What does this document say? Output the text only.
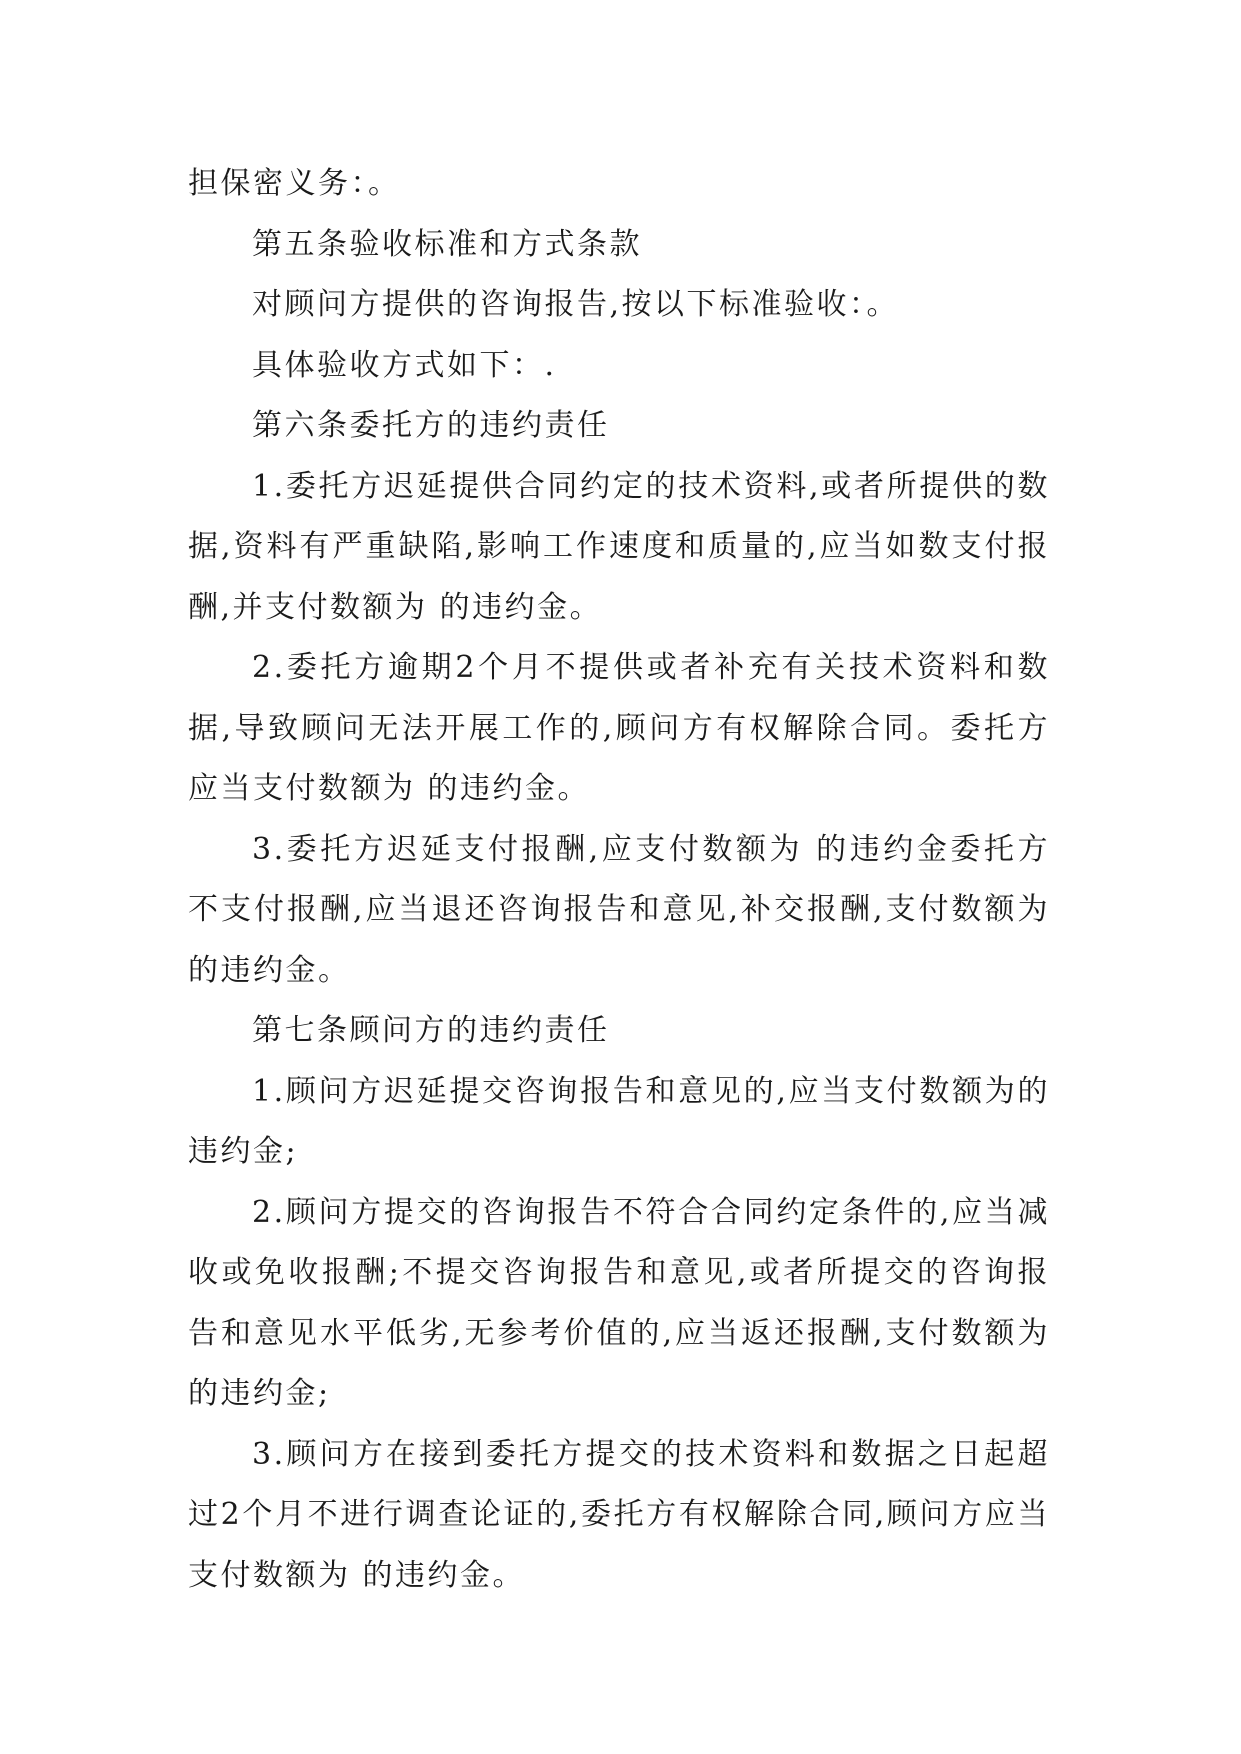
担保密义务：。

第五条验收标准和方式条款

对顾问方提供的咨询报告,按以下标准验收：。

具体验收方式如下：.

第六条委托方的违约责任

1.委托方迟延提供合同约定的技术资料,或者所提供的数据,资料有严重缺陷,影响工作速度和质量的,应当如数支付报酬,并支付数额为 的违约金。

2.委托方逾期2个月不提供或者补充有关技术资料和数据,导致顾问无法开展工作的,顾问方有权解除合同。委托方应当支付数额为 的违约金。

3.委托方迟延支付报酬,应支付数额为 的违约金委托方不支付报酬,应当退还咨询报告和意见,补交报酬,支付数额为 的违约金。

第七条顾问方的违约责任

1.顾问方迟延提交咨询报告和意见的,应当支付数额为的违约金;

2.顾问方提交的咨询报告不符合合同约定条件的,应当减收或免收报酬;不提交咨询报告和意见,或者所提交的咨询报告和意见水平低劣,无参考价值的,应当返还报酬,支付数额为 的违约金;

3.顾问方在接到委托方提交的技术资料和数据之日起超过2个月不进行调查论证的,委托方有权解除合同,顾问方应当支付数额为 的违约金。
